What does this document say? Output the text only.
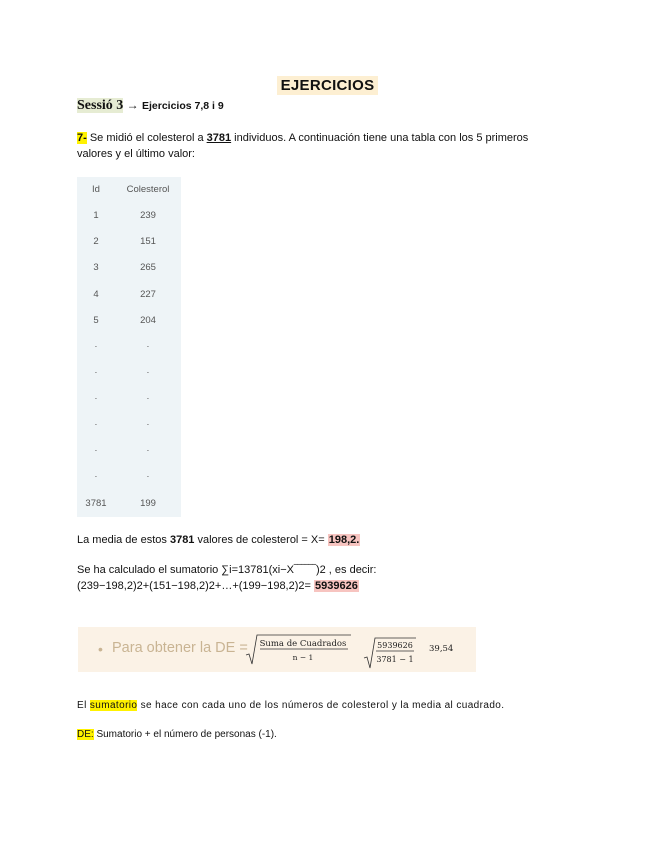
EJERCICIOS
Sessió 3 → Ejercicios 7,8 i 9
7- Se midió el colesterol a 3781 individuos. A continuación tiene una tabla con los 5 primeros
valores y el último valor:
Id	Colesterol
1	239
2	151
3	265
4	227
5	204
.	.
.	.
.	.
.	.
.	.
.	.
3781	199
La media de estos 3781 valores de colesterol = X= 198,2.
Se ha calculado el sumatorio ∑i=13781(xi−X‾‾‾‾‾‾)2 , es decir:
(239−198,2)2+(151−198,2)2+…+(199−198,2)2= 5939626
• Para obtener la DE = Suma de Cuadrados
n − 1
5939626
3781 − 1
39,54
El sumatorio se hace con cada uno de los números de colesterol y la media al cuadrado.
DE: Sumatorio + el número de personas (-1).
